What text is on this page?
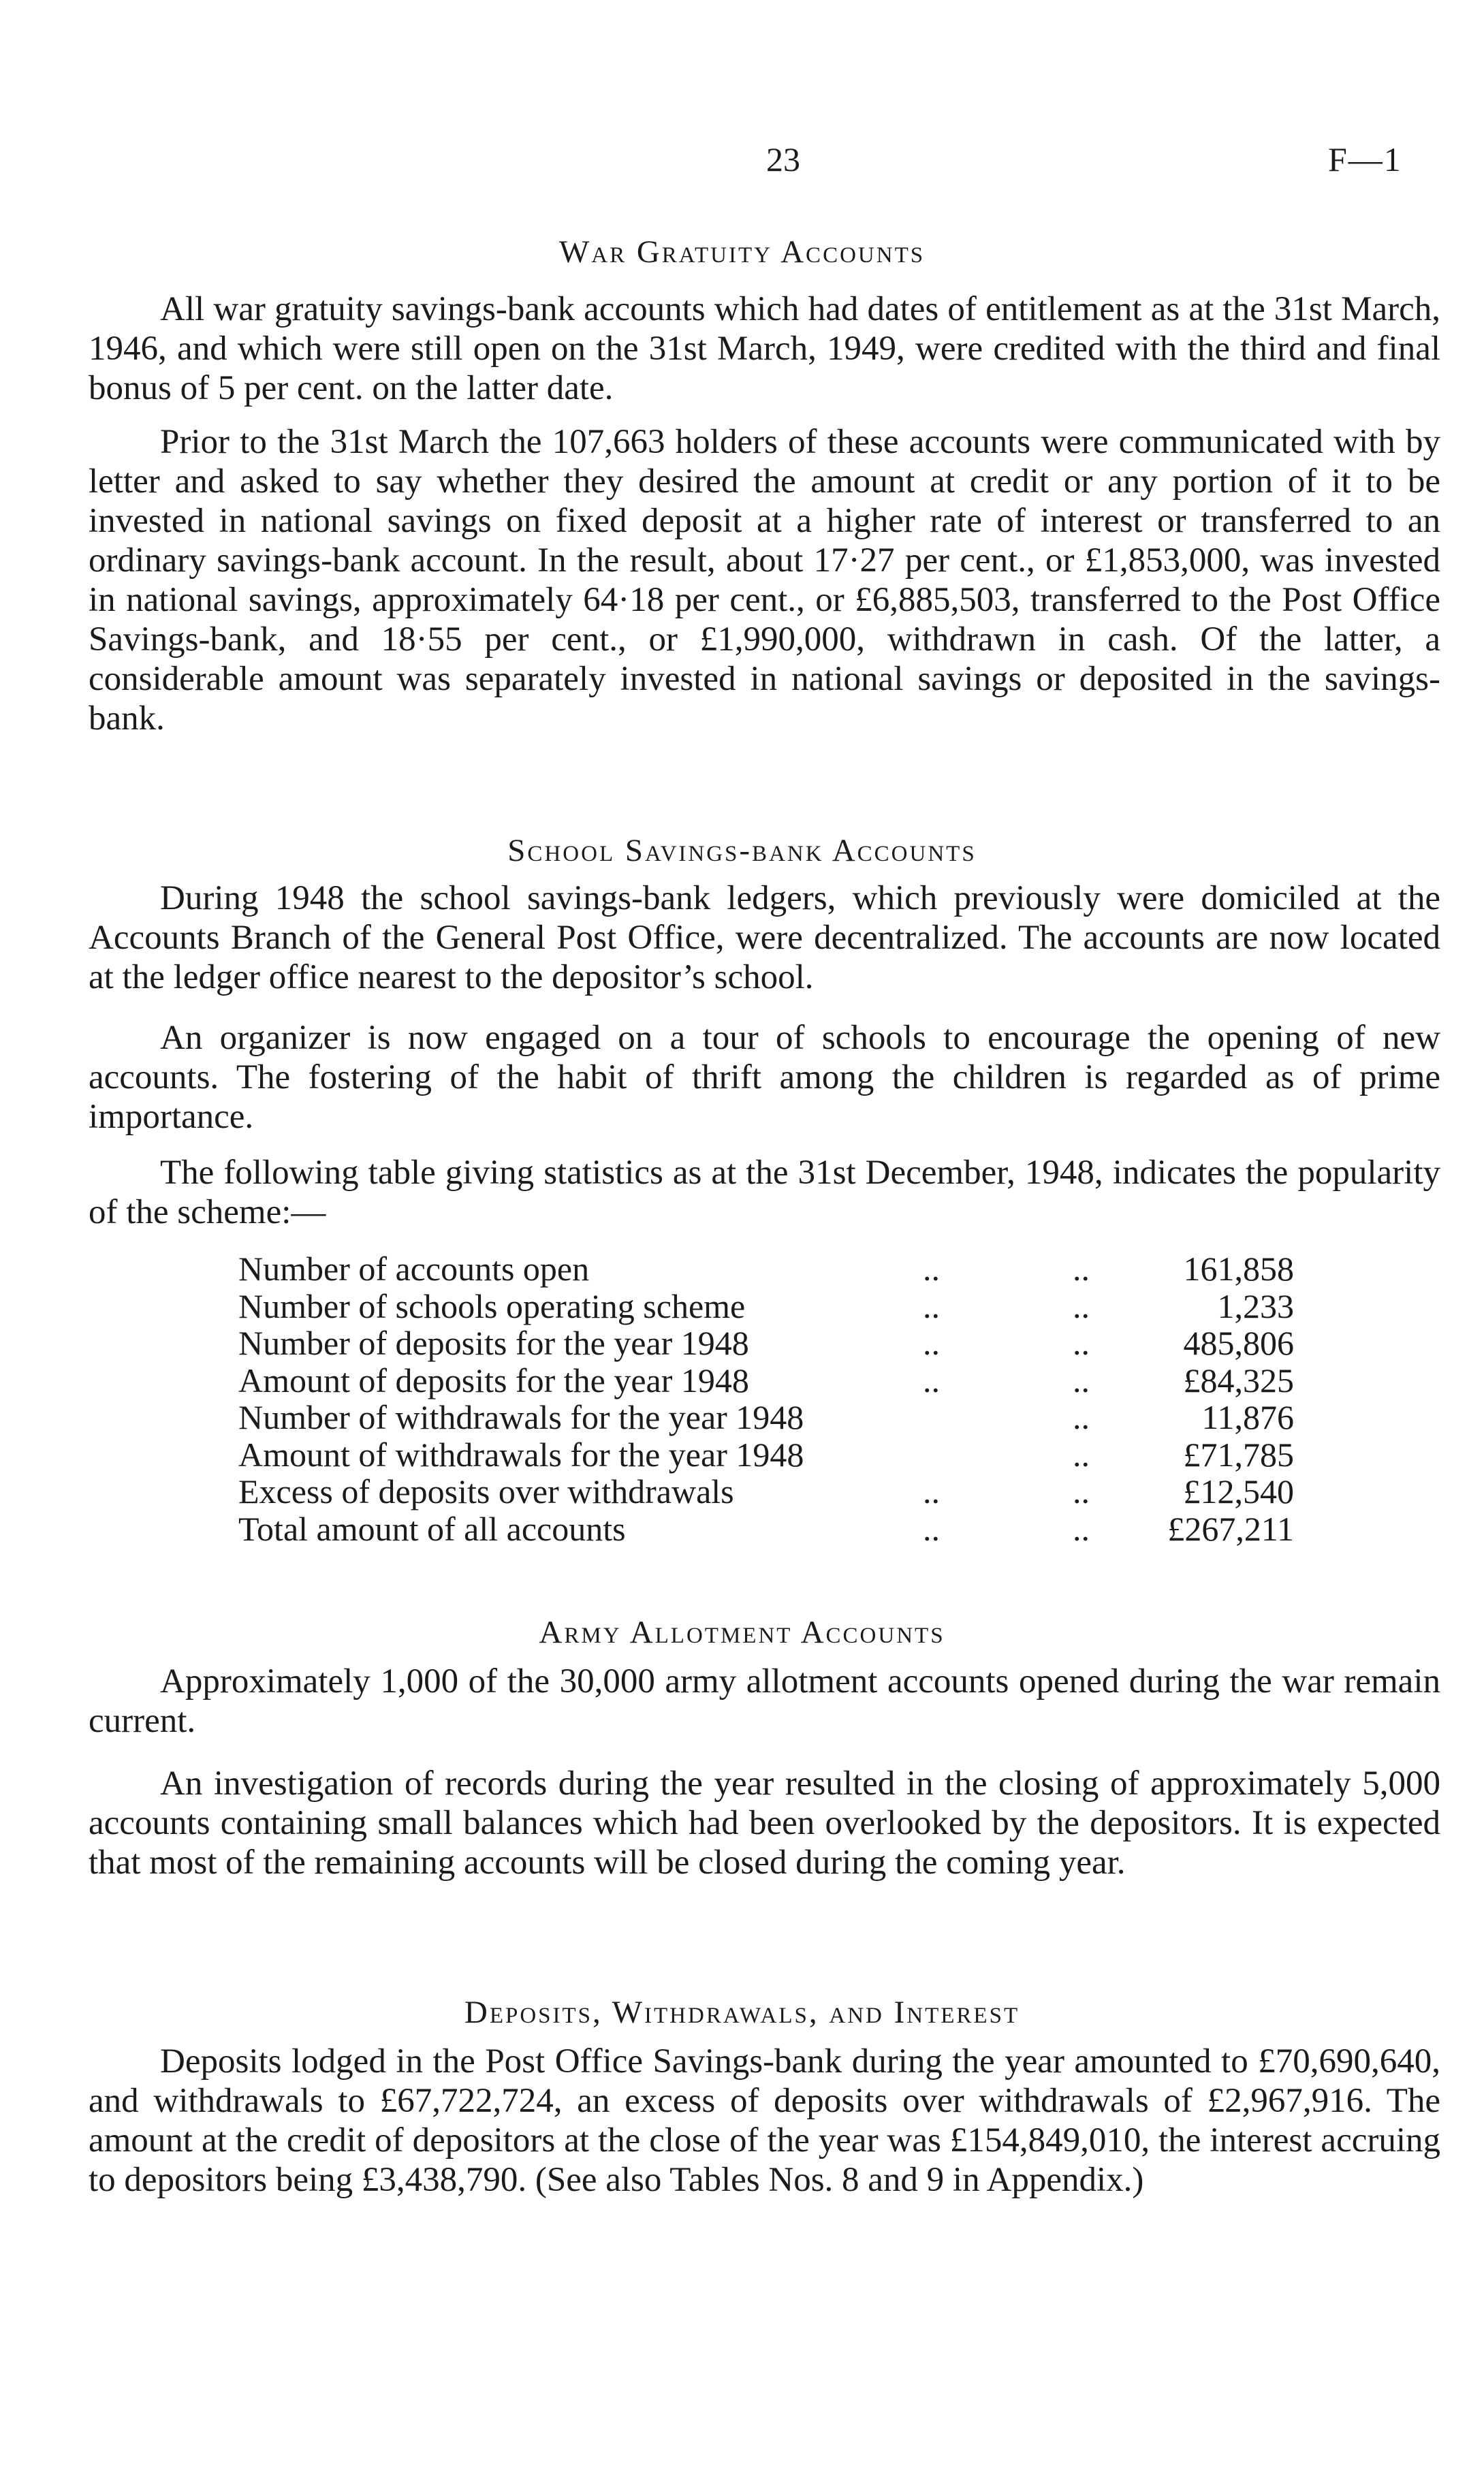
23	F—1
War Gratuity Accounts

All war gratuity savings-bank accounts which had dates of entitlement as at the 31st March, 1946, and which were still open on the 31st March, 1949, were credited with the third and final bonus of 5 per cent. on the latter date.

Prior to the 31st March the 107,663 holders of these accounts were communicated with by letter and asked to say whether they desired the amount at credit or any portion of it to be invested in national savings on fixed deposit at a higher rate of interest or transferred to an ordinary savings-bank account. In the result, about 17·27 per cent., or £1,853,000, was invested in national savings, approximately 64·18 per cent., or £6,885,503, transferred to the Post Office Savings-bank, and 18·55 per cent., or £1,990,000, withdrawn in cash. Of the latter, a considerable amount was separately invested in national savings or deposited in the savings-bank.

School Savings-bank Accounts

During 1948 the school savings-bank ledgers, which previously were domiciled at the Accounts Branch of the General Post Office, were decentralized. The accounts are now located at the ledger office nearest to the depositor’s school.

An organizer is now engaged on a tour of schools to encourage the opening of new accounts. The fostering of the habit of thrift among the children is regarded as of prime importance.

The following table giving statistics as at the 31st December, 1948, indicates the popularity of the scheme:—

Number of accounts open	..	..	161,858
Number of schools operating scheme	..	..	1,233
Number of deposits for the year 1948	..	..	485,806
Amount of deposits for the year 1948	..	..	£84,325
Number of withdrawals for the year 1948	..	11,876
Amount of withdrawals for the year 1948	..	£71,785
Excess of deposits over withdrawals	..	..	£12,540
Total amount of all accounts	..	.. £267,211
Army Allotment Accounts

Approximately 1,000 of the 30,000 army allotment accounts opened during the war remain current.

An investigation of records during the year resulted in the closing of approximately 5,000 accounts containing small balances which had been overlooked by the depositors. It is expected that most of the remaining accounts will be closed during the coming year.

Deposits, Withdrawals, and Interest

Deposits lodged in the Post Office Savings-bank during the year amounted to £70,690,640, and withdrawals to £67,722,724, an excess of deposits over withdrawals of £2,967,916. The amount at the credit of depositors at the close of the year was £154,849,010, the interest accruing to depositors being £3,438,790. (See also Tables Nos. 8 and 9 in Appendix.)
